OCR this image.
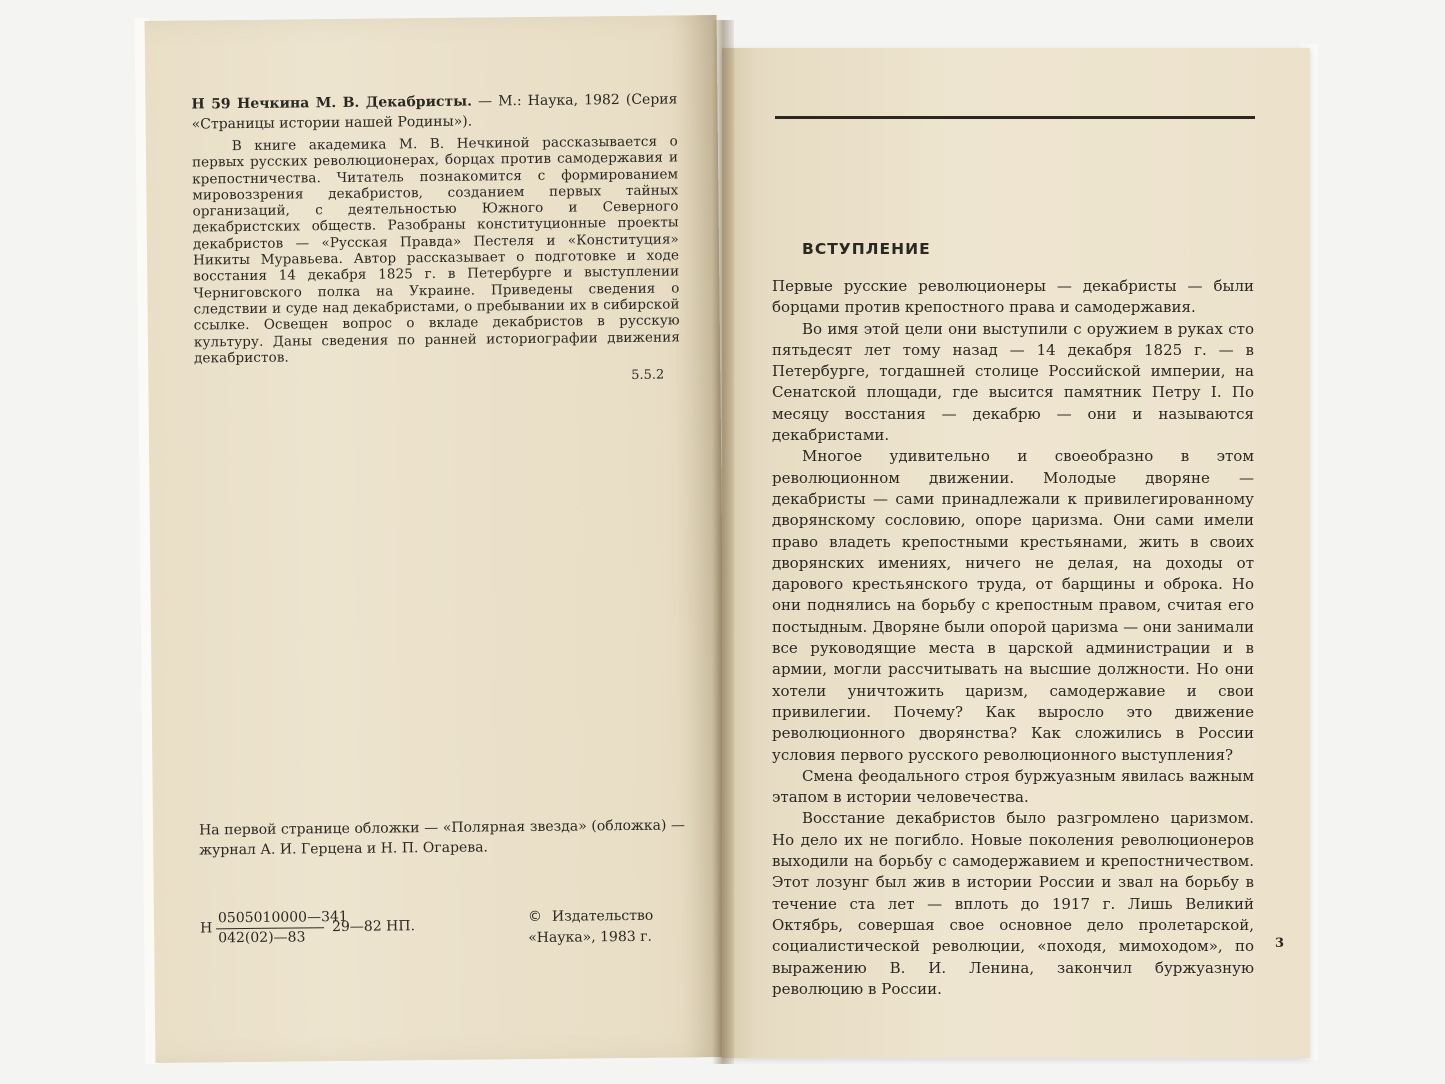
Н 59 Нечкина М. В. Декабристы. — М.: Наука, 1982 (Серия «Страницы истории нашей Родины»).
В книге академика М. В. Нечкиной рассказывается о первых русских революционерах, борцах против самодержавия и крепостничества. Читатель познакомится с формированием мировоззрения декабристов, созданием первых тайных организаций, с деятельностью Южного и Северного декабристских обществ. Разобраны конституционные проекты декабристов — «Русская Правда» Пестеля и «Конституция» Никиты Муравьева. Автор рассказывает о подготовке и ходе восстания 14 декабря 1825 г. в Петербурге и выступлении Черниговского полка на Украине. Приведены сведения о следствии и суде над декабристами, о пребывании их в сибирской ссылке. Освещен вопрос о вкладе декабристов в русскую культуру. Даны сведения по ранней историографии движения декабристов.
5.5.2
На первой странице обложки — «Полярная звезда» (обложка) — журнал А. И. Герцена и Н. П. Огарева.
Н
0505010000—341
042(02)—83
29—82 НП.
© Издательство
«Наука», 1983 г.
ВСТУПЛЕНИЕ

Первые русские революционеры — декабристы — были борцами против крепостного права и самодержавия.

Во имя этой цели они выступили с оружием в руках сто пятьдесят лет тому назад — 14 декабря 1825 г. — в Петербурге, тогдашней столице Российской империи, на Сенатской площади, где высится памятник Петру I. По месяцу восстания — декабрю — они и называются декабристами.

Многое удивительно и своеобразно в этом революционном движении. Молодые дворяне — декабристы — сами принадлежали к привилегированному дворянскому сословию, опоре царизма. Они сами имели право владеть крепостными крестьянами, жить в своих дворянских имениях, ничего не делая, на доходы от дарового крестьянского труда, от барщины и оброка. Но они поднялись на борьбу с крепостным правом, считая его постыдным. Дворяне были опорой царизма — они занимали все руководящие места в царской администрации и в армии, могли рассчитывать на высшие должности. Но они хотели уничтожить царизм, самодержавие и свои привилегии. Почему? Как выросло это движение революционного дворянства? Как сложились в России условия первого русского революционного выступления?

Смена феодального строя буржуазным явилась важным этапом в истории человечества.

Восстание декабристов было разгромлено царизмом. Но дело их не погибло. Новые поколения революционеров выходили на борьбу с самодержавием и крепостничеством. Этот лозунг был жив в истории России и звал на борьбу в течение ста лет — вплоть до 1917 г. Лишь Великий Октябрь, совершая свое основное дело пролетарской, социалистической революции, «походя, мимоходом», по выражению В. И. Ленина, закончил буржуазную революцию в России.

3
